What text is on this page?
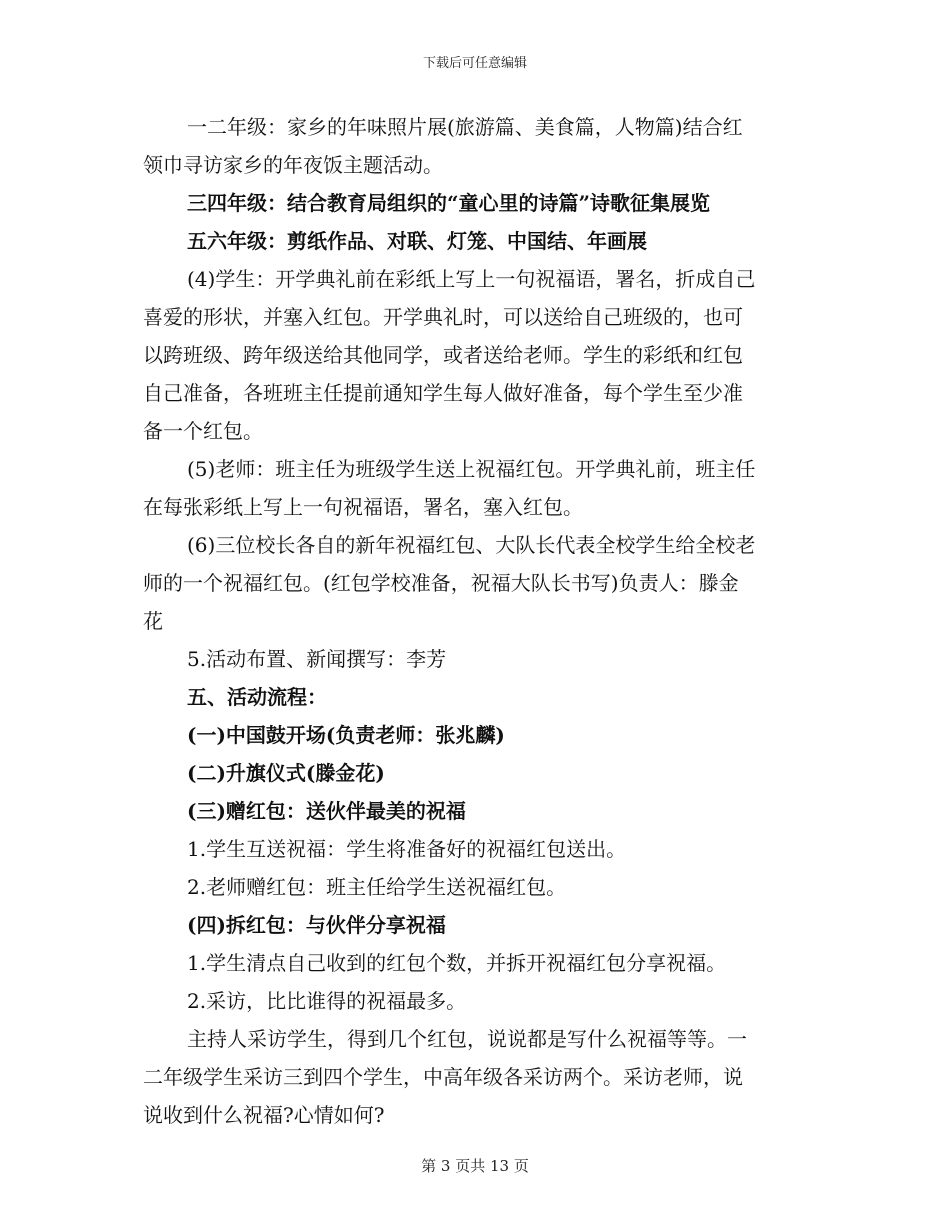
下载后可任意编辑
一二年级：家乡的年味照片展(旅游篇、美食篇，人物篇)结合红
领巾寻访家乡的年夜饭主题活动。
三四年级：结合教育局组织的“童心里的诗篇”诗歌征集展览
五六年级：剪纸作品、对联、灯笼、中国结、年画展
(4)学生：开学典礼前在彩纸上写上一句祝福语，署名，折成自己
喜爱的形状，并塞入红包。开学典礼时，可以送给自己班级的，也可
以跨班级、跨年级送给其他同学，或者送给老师。学生的彩纸和红包
自己准备，各班班主任提前通知学生每人做好准备，每个学生至少准
备一个红包。
(5)老师：班主任为班级学生送上祝福红包。开学典礼前，班主任
在每张彩纸上写上一句祝福语，署名，塞入红包。
(6)三位校长各自的新年祝福红包、大队长代表全校学生给全校老
师的一个祝福红包。(红包学校准备，祝福大队长书写)负责人：滕金
花
5.活动布置、新闻撰写：李芳
五、活动流程：
(一)中国鼓开场(负责老师：张兆麟)
(二)升旗仪式(滕金花)
(三)赠红包：送伙伴最美的祝福
1.学生互送祝福：学生将准备好的祝福红包送出。
2.老师赠红包：班主任给学生送祝福红包。
(四)拆红包：与伙伴分享祝福
1.学生清点自己收到的红包个数，并拆开祝福红包分享祝福。
2.采访，比比谁得的祝福最多。
主持人采访学生，得到几个红包，说说都是写什么祝福等等。一
二年级学生采访三到四个学生，中高年级各采访两个。采访老师，说
说收到什么祝福?心情如何?
第 3 页共 13 页
